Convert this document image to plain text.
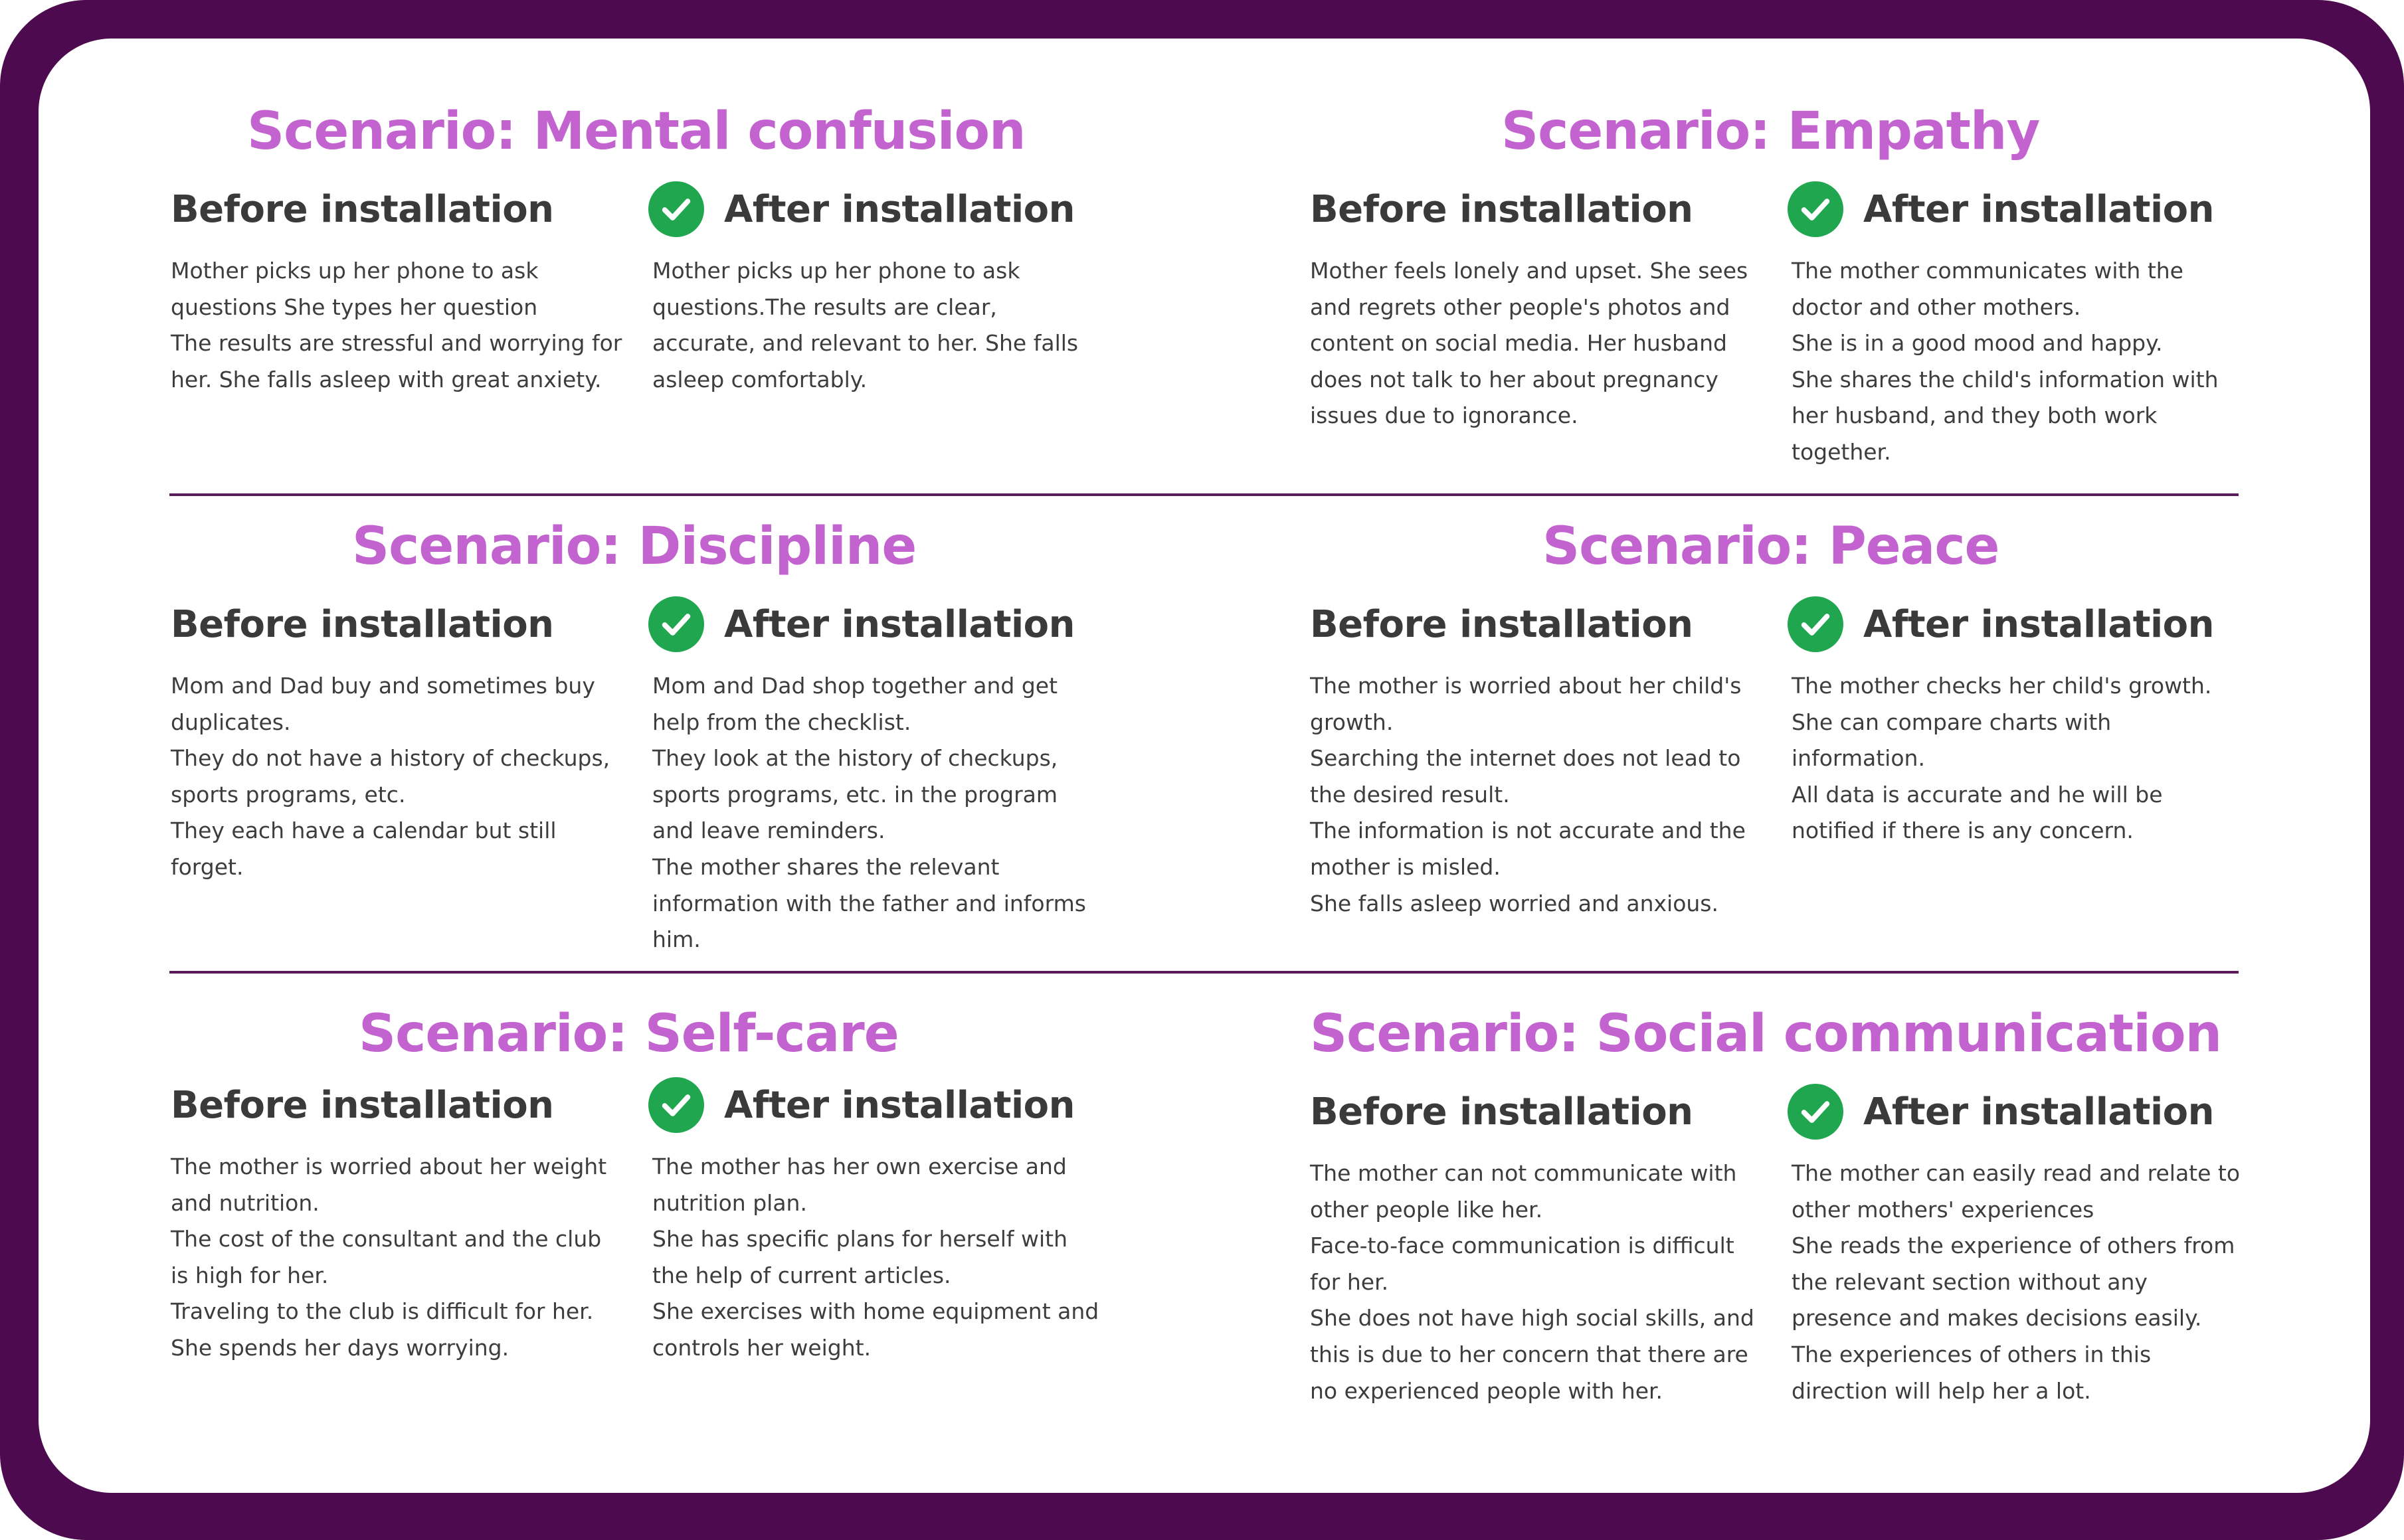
Scenario: Mental confusion
Before installation
Mother picks up her phone to ask questions She types her question
The results are stressful and worrying for her. She falls asleep with great anxiety.
After installation
Mother picks up her phone to ask questions.The results are clear, accurate, and relevant to her. She falls asleep comfortably.
Scenario: Empathy
Before installation
Mother feels lonely and upset. She sees and regrets other people's photos and content on social media. Her husband does not talk to her about pregnancy issues due to ignorance.
After installation
The mother communicates with the doctor and other mothers.
She is in a good mood and happy.
She shares the child's information with her husband, and they both work together.
Scenario: Discipline
Before installation
Mom and Dad buy and sometimes buy duplicates.
They do not have a history of checkups, sports programs, etc.
They each have a calendar but still forget.
After installation
Mom and Dad shop together and get help from the checklist.
They look at the history of checkups, sports programs, etc. in the program and leave reminders.
The mother shares the relevant information with the father and informs him.
Scenario: Peace
Before installation
The mother is worried about her child's growth.
Searching the internet does not lead to the desired result.
The information is not accurate and the mother is misled.
She falls asleep worried and anxious.
After installation
The mother checks her child's growth.
She can compare charts with information.
All data is accurate and he will be notified if there is any concern.
Scenario: Self-care
Before installation
The mother is worried about her weight and nutrition.
The cost of the consultant and the club is high for her.
Traveling to the club is difficult for her.
She spends her days worrying.
After installation
The mother has her own exercise and nutrition plan.
She has specific plans for herself with the help of current articles.
She exercises with home equipment and controls her weight.
Scenario: Social communication
Before installation
The mother can not communicate with other people like her.
Face-to-face communication is difficult for her.
She does not have high social skills, and this is due to her concern that there are no experienced people with her.
After installation
The mother can easily read and relate to other mothers' experiences
She reads the experience of others from the relevant section without any presence and makes decisions easily.
The experiences of others in this direction will help her a lot.
